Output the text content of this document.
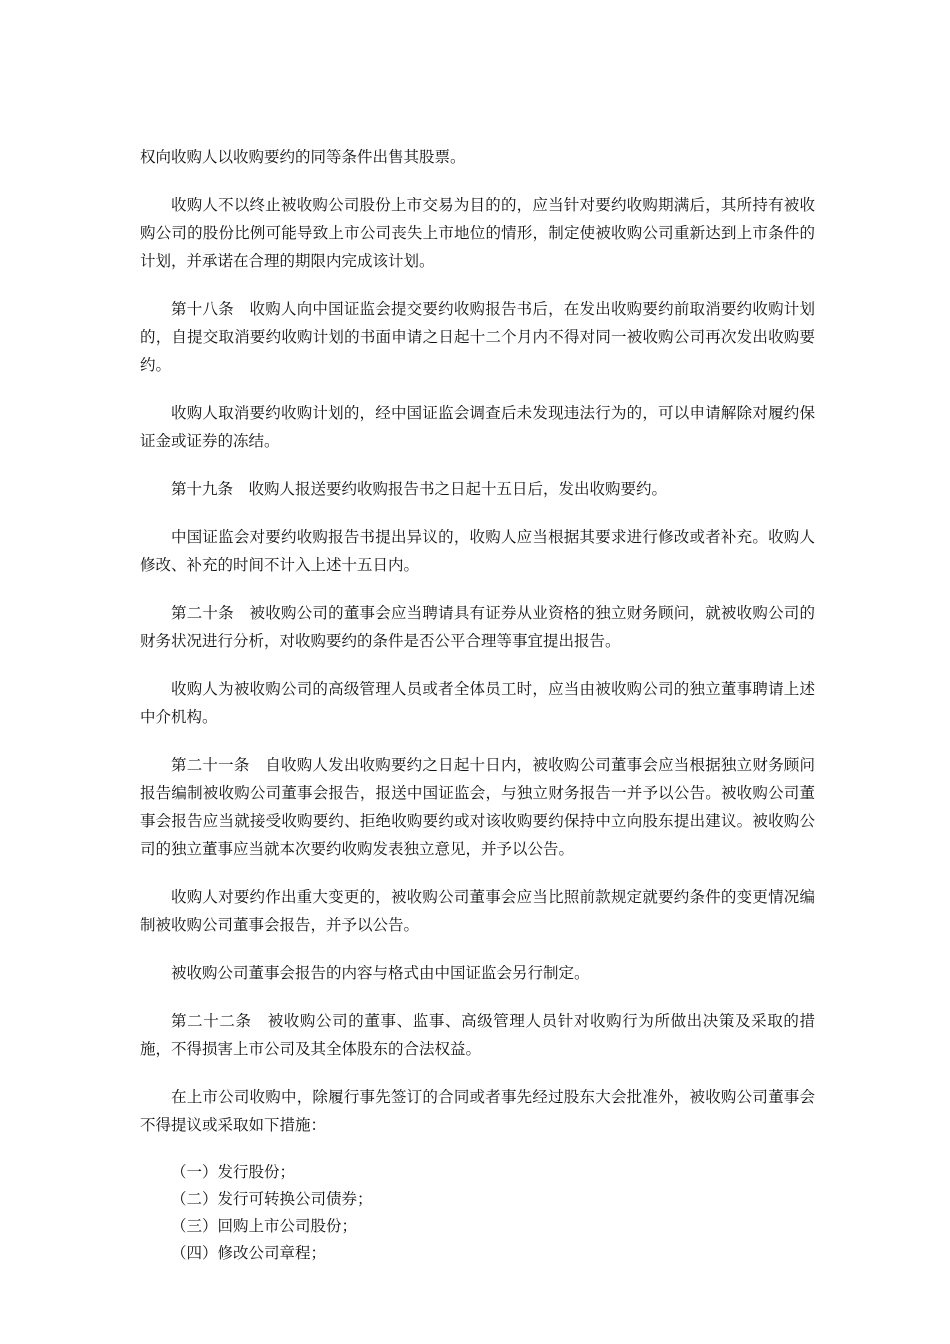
权向收购人以收购要约的同等条件出售其股票。

收购人不以终止被收购公司股份上市交易为目的的，应当针对要约收购期满后，其所持有被收购公司的股份比例可能导致上市公司丧失上市地位的情形，制定使被收购公司重新达到上市条件的计划，并承诺在合理的期限内完成该计划。

第十八条　收购人向中国证监会提交要约收购报告书后，在发出收购要约前取消要约收购计划的，自提交取消要约收购计划的书面申请之日起十二个月内不得对同一被收购公司再次发出收购要约。

收购人取消要约收购计划的，经中国证监会调查后未发现违法行为的，可以申请解除对履约保证金或证券的冻结。

第十九条　收购人报送要约收购报告书之日起十五日后，发出收购要约。

中国证监会对要约收购报告书提出异议的，收购人应当根据其要求进行修改或者补充。收购人修改、补充的时间不计入上述十五日内。

第二十条　被收购公司的董事会应当聘请具有证券从业资格的独立财务顾问，就被收购公司的财务状况进行分析，对收购要约的条件是否公平合理等事宜提出报告。

收购人为被收购公司的高级管理人员或者全体员工时，应当由被收购公司的独立董事聘请上述中介机构。

第二十一条　自收购人发出收购要约之日起十日内，被收购公司董事会应当根据独立财务顾问报告编制被收购公司董事会报告，报送中国证监会，与独立财务报告一并予以公告。被收购公司董事会报告应当就接受收购要约、拒绝收购要约或对该收购要约保持中立向股东提出建议。被收购公司的独立董事应当就本次要约收购发表独立意见，并予以公告。

收购人对要约作出重大变更的，被收购公司董事会应当比照前款规定就要约条件的变更情况编制被收购公司董事会报告，并予以公告。

被收购公司董事会报告的内容与格式由中国证监会另行制定。

第二十二条　被收购公司的董事、监事、高级管理人员针对收购行为所做出决策及采取的措施，不得损害上市公司及其全体股东的合法权益。

在上市公司收购中，除履行事先签订的合同或者事先经过股东大会批准外，被收购公司董事会不得提议或采取如下措施：

（一）发行股份；
（二）发行可转换公司债券；
（三）回购上市公司股份；
（四）修改公司章程；
